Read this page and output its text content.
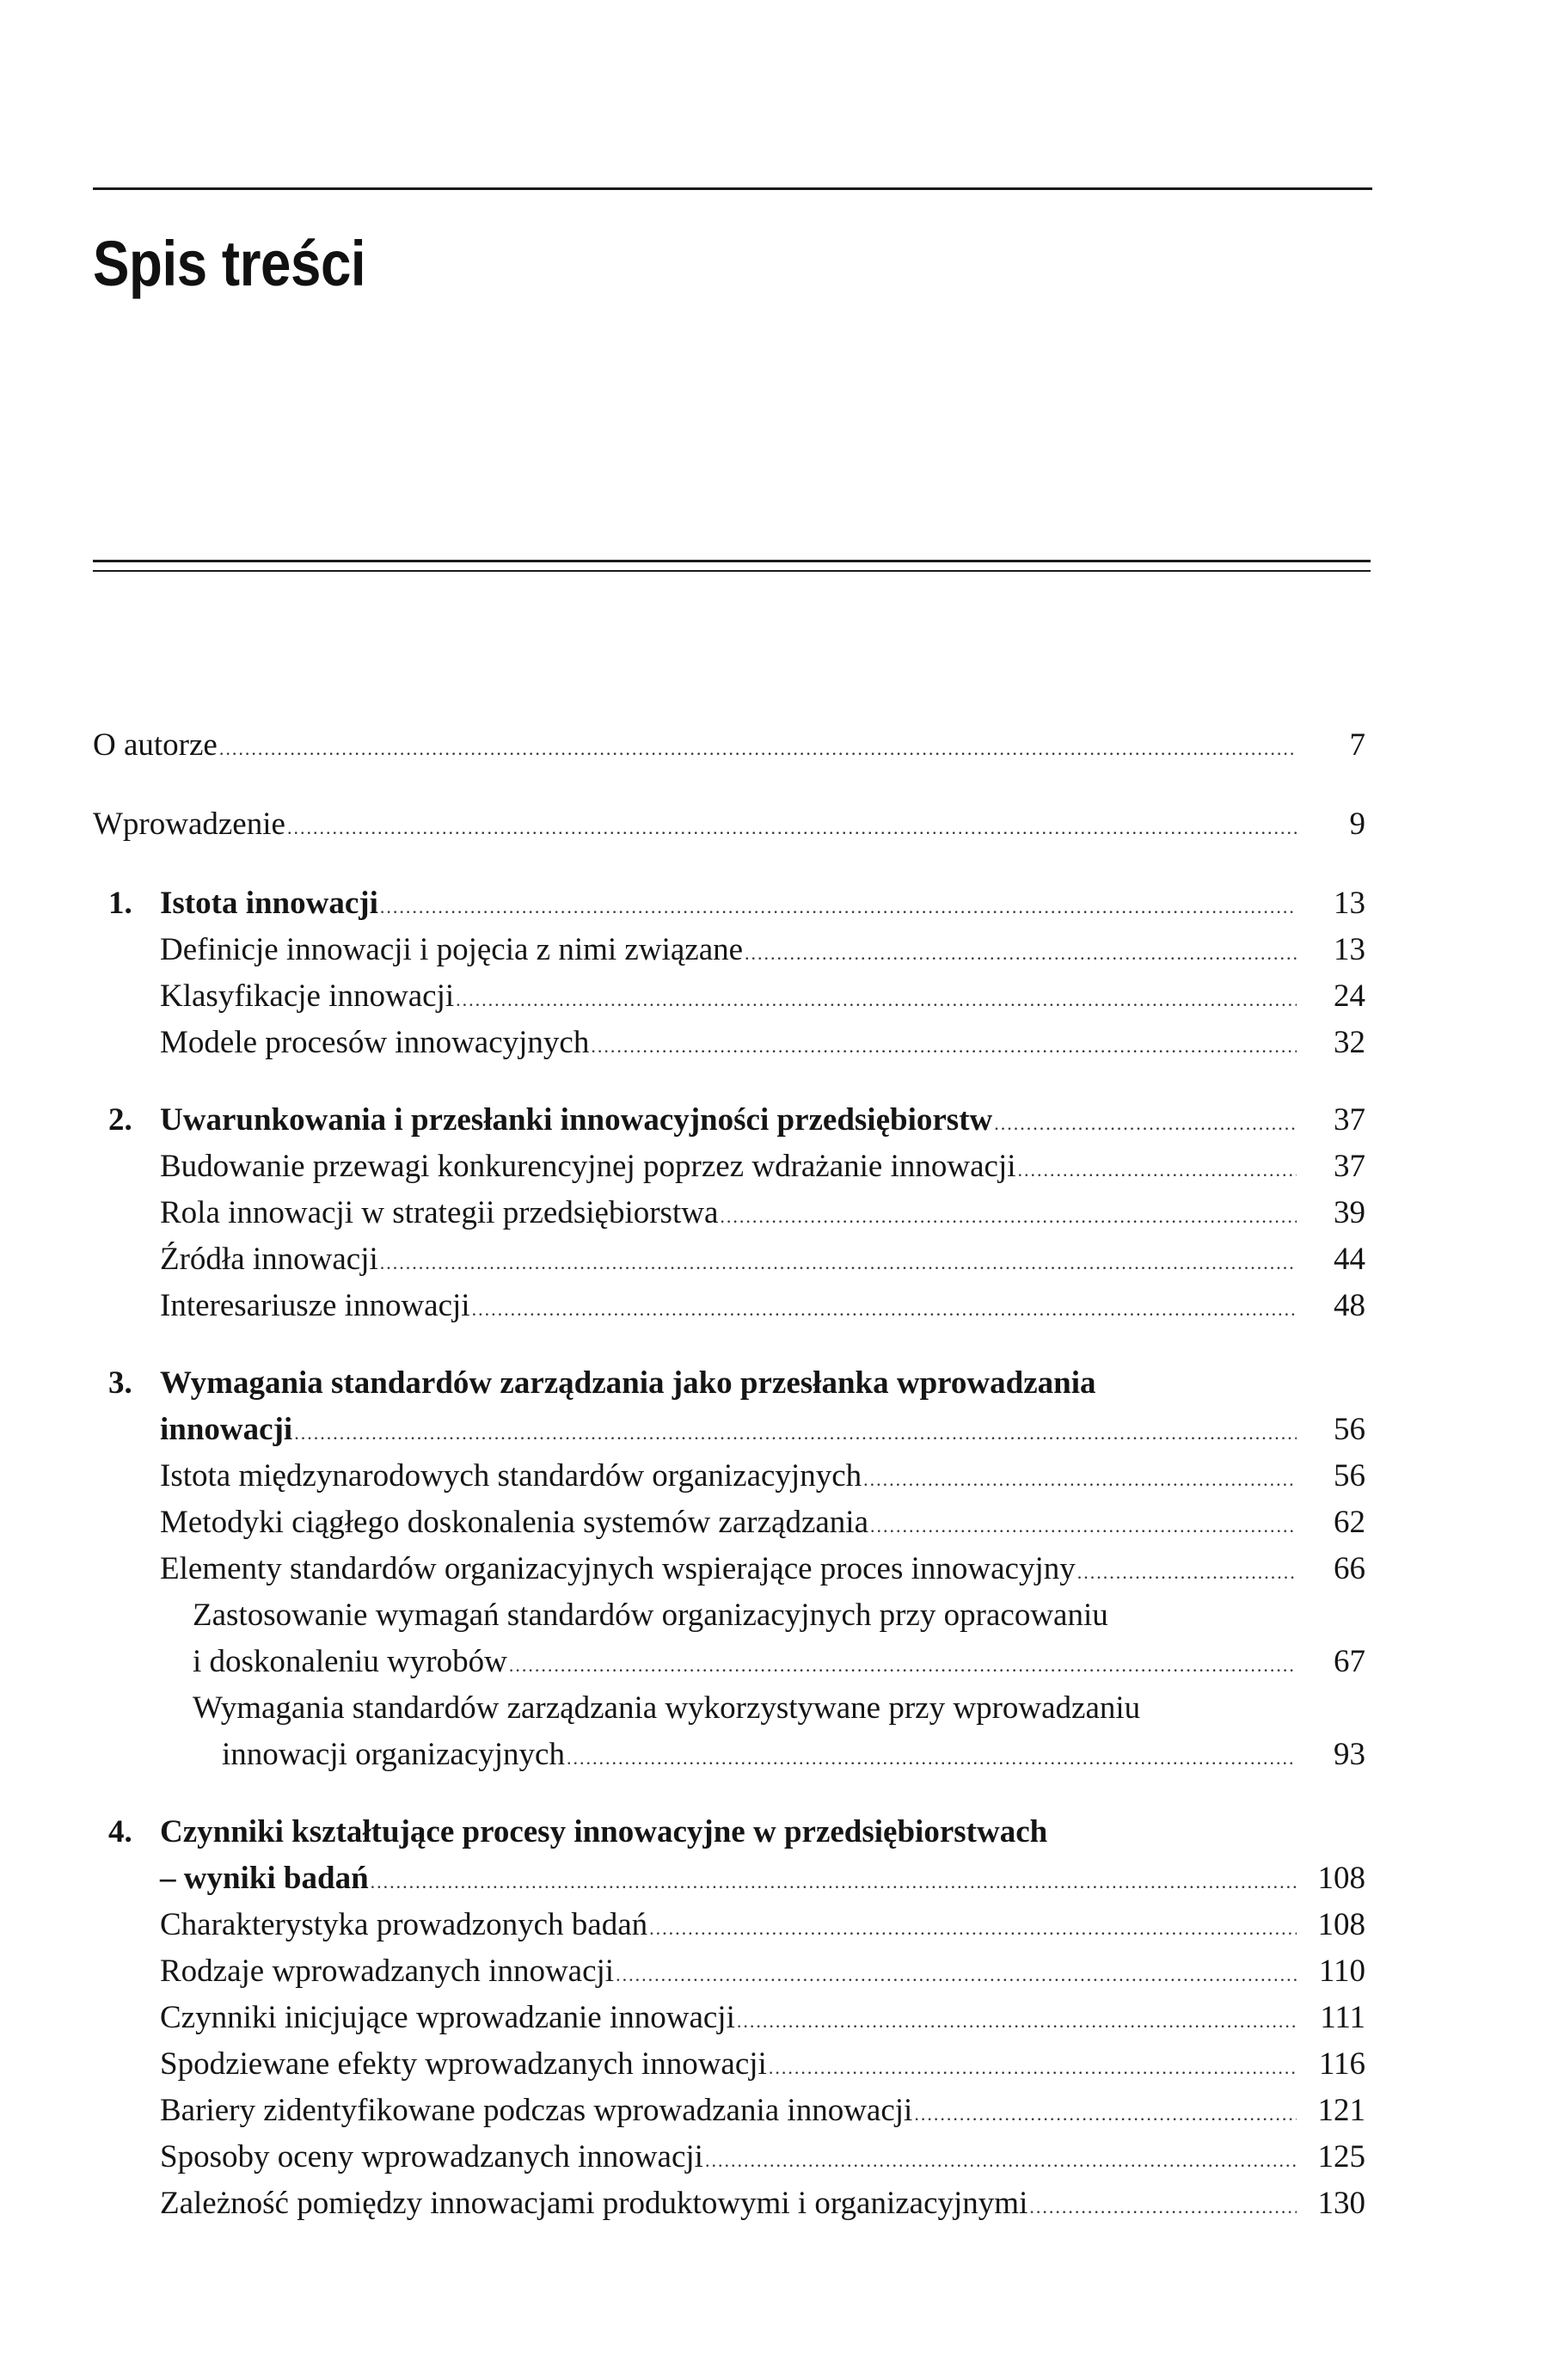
Spis treści
O autorze .....	7
Wprowadzenie .....	9
1. Istota innowacji .....	13
Definicje innowacji i pojęcia z nimi związane .....	13
Klasyfikacje innowacji .....	24
Modele procesów innowacyjnych .....	32
2. Uwarunkowania i przesłanki innowacyjności przedsiębiorstw .....	37
Budowanie przewagi konkurencyjnej poprzez wdrażanie innowacji .....	37
Rola innowacji w strategii przedsiębiorstwa .....	39
Źródła innowacji .....	44
Interesariusze innowacji .....	48
3. Wymagania standardów zarządzania jako przesłanka wprowadzania
innowacji .....	56
Istota międzynarodowych standardów organizacyjnych .....	56
Metodyki ciągłego doskonalenia systemów zarządzania .....	62
Elementy standardów organizacyjnych wspierające proces innowacyjny .....	66
Zastosowanie wymagań standardów organizacyjnych przy opracowaniu
i doskonaleniu wyrobów .....	67
Wymagania standardów zarządzania wykorzystywane przy wprowadzaniu
innowacji organizacyjnych .....	93
4. Czynniki kształtujące procesy innowacyjne w przedsiębiorstwach
– wyniki badań .....	108
Charakterystyka prowadzonych badań .....	108
Rodzaje wprowadzanych innowacji .....	110
Czynniki inicjujące wprowadzanie innowacji .....	111
Spodziewane efekty wprowadzanych innowacji .....	116
Bariery zidentyfikowane podczas wprowadzania innowacji .....	121
Sposoby oceny wprowadzanych innowacji .....	125
Zależność pomiędzy innowacjami produktowymi i organizacyjnymi .....	130
